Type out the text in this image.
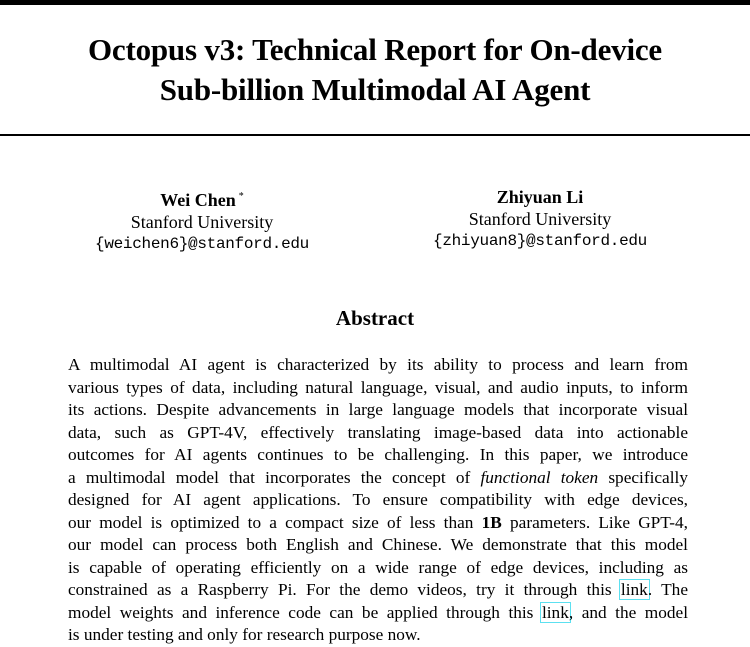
Octopus v3: Technical Report for On-device
Sub-billion Multimodal AI Agent
Wei Chen *
Stanford University
{weichen6}@stanford.edu
Zhiyuan Li
Stanford University
{zhiyuan8}@stanford.edu
Abstract
A multimodal AI agent is characterized by its ability to process and learn from
various types of data, including natural language, visual, and audio inputs, to inform
its actions. Despite advancements in large language models that incorporate visual
data, such as GPT-4V, effectively translating image-based data into actionable
outcomes for AI agents continues to be challenging. In this paper, we introduce
a multimodal model that incorporates the concept of functional token specifically
designed for AI agent applications. To ensure compatibility with edge devices,
our model is optimized to a compact size of less than 1B parameters. Like GPT-4,
our model can process both English and Chinese. We demonstrate that this model
is capable of operating efficiently on a wide range of edge devices, including as
constrained as a Raspberry Pi. For the demo videos, try it through this link. The
model weights and inference code can be applied through this link, and the model
is under testing and only for research purpose now.
